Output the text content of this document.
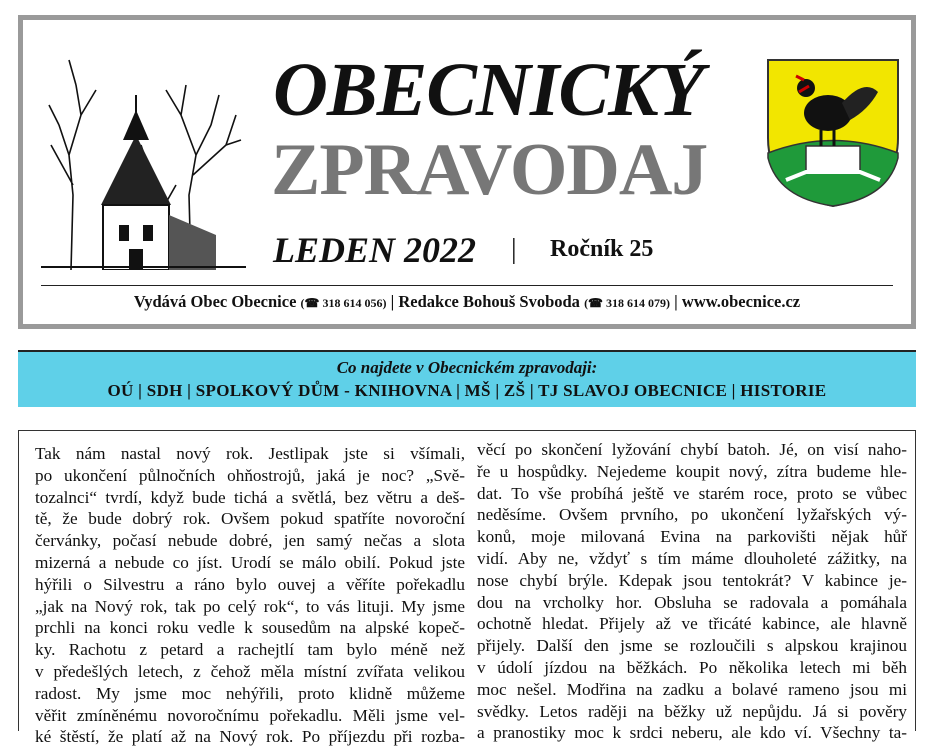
OBECNICKÝ
ZPRAVODAJ
LEDEN 2022 | Ročník 25
Vydává Obec Obecnice (☎ 318 614 056) | Redakce Bohouš Svoboda (☎ 318 614 079) | www.obecnice.cz
Co najdete v Obecnickém zpravodaji:
OÚ | SDH | SPOLKOVÝ DŮM - KNIHOVNA | MŠ | ZŠ | TJ SLAVOJ OBECNICE | HISTORIE
Tak nám nastal nový rok. Jestlipak jste si všímali,
po ukončení půlnočních ohňostrojů, jaká je noc? „Svě-
tozalnci“ tvrdí, když bude tichá a světlá, bez větru a deš-
tě, že bude dobrý rok. Ovšem pokud spatříte novoroční
červánky, počasí nebude dobré, jen samý nečas a slota
mizerná a nebude co jíst. Urodí se málo obilí. Pokud jste
hýřili o Silvestru a ráno bylo ouvej a věříte pořekadlu
„jak na Nový rok, tak po celý rok“, to vás lituji. My jsme
prchli na konci roku vedle k sousedům na alpské kopeč-
ky. Rachotu z petard a rachejtlí tam bylo méně než
v předešlých letech, z čehož měla místní zvířata velikou
radost. My jsme moc nehýřili, proto klidně můžeme
věřit zmíněnému novoročnímu pořekadlu. Měli jsme vel-
ké štěstí, že platí až na Nový rok. Po příjezdu při rozba-
věcí po skončení lyžování chybí batoh. Jé, on visí naho-
ře u hospůdky. Nejedeme koupit nový, zítra budeme hle-
dat. To vše probíhá ještě ve starém roce, proto se vůbec
neděsíme. Ovšem prvního, po ukončení lyžařských vý-
konů, moje milovaná Evina na parkovišti nějak hůř
vidí. Aby ne, vždyť s tím máme dlouholeté zážitky, na
nose chybí brýle. Kdepak jsou tentokrát? V kabince je-
dou na vrcholky hor. Obsluha se radovala a pomáhala
ochotně hledat. Přijely až ve třicáté kabince, ale hlavně
přijely. Další den jsme se rozloučili s alpskou krajinou
v údolí jízdou na běžkách. Po několika letech mi běh
moc nešel. Modřina na zadku a bolavé rameno jsou mi
svědky. Letos raději na běžky už nepůjdu. Já si pověry
a pranostiky moc k srdci neberu, ale kdo ví. Všechny ta-
